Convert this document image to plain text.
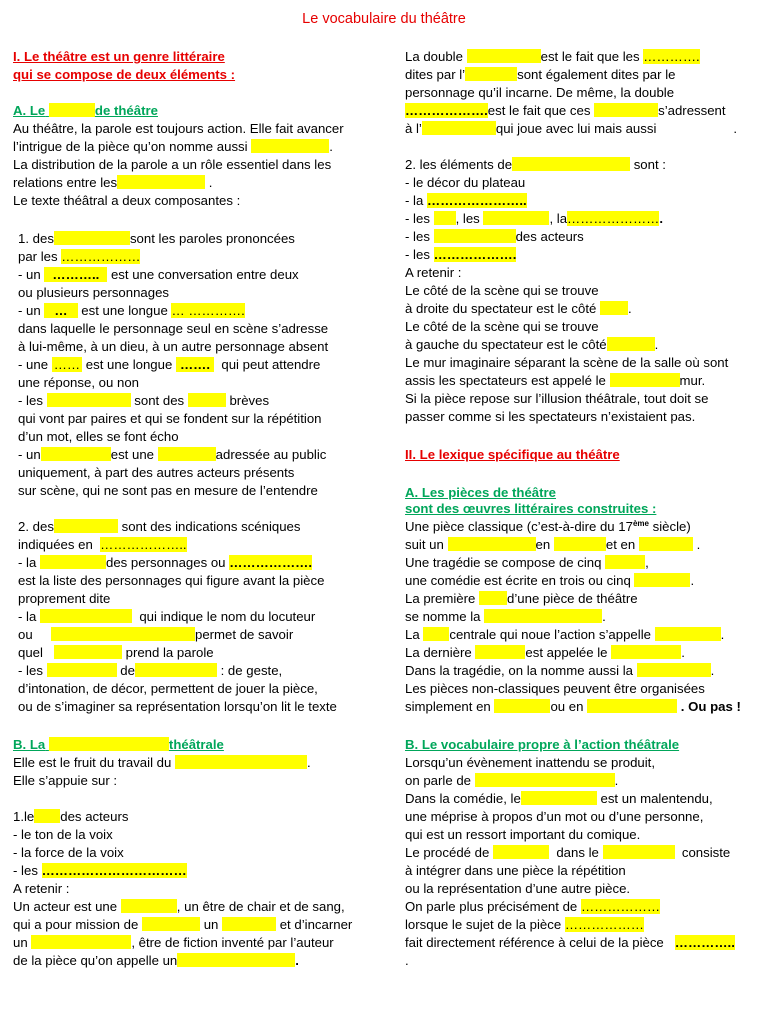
Le vocabulaire du théâtre
I. Le théâtre est un genre littéraire
qui se compose de deux éléments :
A. Le	de théâtre
Au théâtre, la parole est toujours action. Elle fait avancer
l’intrigue de la pièce qu’on nomme aussi	.
La distribution de la parole a un rôle essentiel dans les
relations entre les	.
Le texte théâtral a deux composantes :
1. des	sont les paroles prononcées
par les ………………
- un ……….. est une conversation entre deux
ou plusieurs personnages
- un … est une longue … ………….
dans laquelle le personnage seul en scène s’adresse
à lui-même, à un dieu, à un autre personnage absent
- une …… est une longue ……. qui peut attendre
une réponse, ou non
- les	sont des	brèves
qui vont par paires et qui se fondent sur la répétition
d’un mot, elles se font écho
- un	est une	adressée au public
uniquement, à part des autres acteurs présents
sur scène, qui ne sont pas en mesure de l’entendre
2. des	sont des indications scéniques
indiquées en ………………..
- la	des personnages ou ……………….
est la liste des personnages qui figure avant la pièce
proprement dite
- la	qui indique le nom du locuteur
ou	permet de savoir
quel	prend la parole
- les	de	: de geste,
d’intonation, de décor, permettent de jouer la pièce,
ou de s’imaginer sa représentation lorsqu’on lit le texte
B. La	théâtrale
Elle est le fruit du travail du	.
Elle s’appuie sur :
1.le des acteurs
- le ton de la voix
- la force de la voix
- les ……………………………
A retenir :
Un acteur est une	, un être de chair et de sang,
qui a pour mission de	un	et d’incarner
un	, être de fiction inventé par l’auteur
de la pièce qu’on appelle un	.
La double	est le fait que les ………….
dites par l’	sont également dites par le
personnage qu’il incarne. De même, la double
……………….est le fait que ces	s’adressent
à l’	qui joue avec lui mais aussi	.
2. les éléments de	sont :
- le décor du plateau
- la …………………..
- les , les	, la………………….
- les	des acteurs
- les ……………….
A retenir :
Le côté de la scène qui se trouve
à droite du spectateur est le côté .
Le côté de la scène qui se trouve
à gauche du spectateur est le côté	.
Le mur imaginaire séparant la scène de la salle où sont
assis les spectateurs est appelé le	mur.
Si la pièce repose sur l’illusion théâtrale, tout doit se
passer comme si les spectateurs n’existaient pas.
II. Le lexique spécifique au théâtre
A. Les pièces de théâtre
sont des œuvres littéraires construites :
Une pièce classique (c’est-à-dire du 17ème siècle)
suit un	en	et en	.
Une tragédie se compose de cinq	,
une comédie est écrite en trois ou cinq	.
La première d’une pièce de théâtre
se nomme la	.
La centrale qui noue l’action s’appelle	.
La dernière	est appelée le	.
Dans la tragédie, on la nomme aussi la	.
Les pièces non-classiques peuvent être organisées
simplement en	ou en	. Ou pas !
B. Le vocabulaire propre à l’action théâtrale
Lorsqu’un évènement inattendu se produit,
on parle de	.
Dans la comédie, le	est un malentendu,
une méprise à propos d’un mot ou d’une personne,
qui est un ressort important du comique.
Le procédé de	dans le	consiste
à intégrer dans une pièce la répétition
ou la représentation d’une autre pièce.
On parle plus précisément de ………………
lorsque le sujet de la pièce ………………
fait directement référence à celui de la pièce …………..
.
